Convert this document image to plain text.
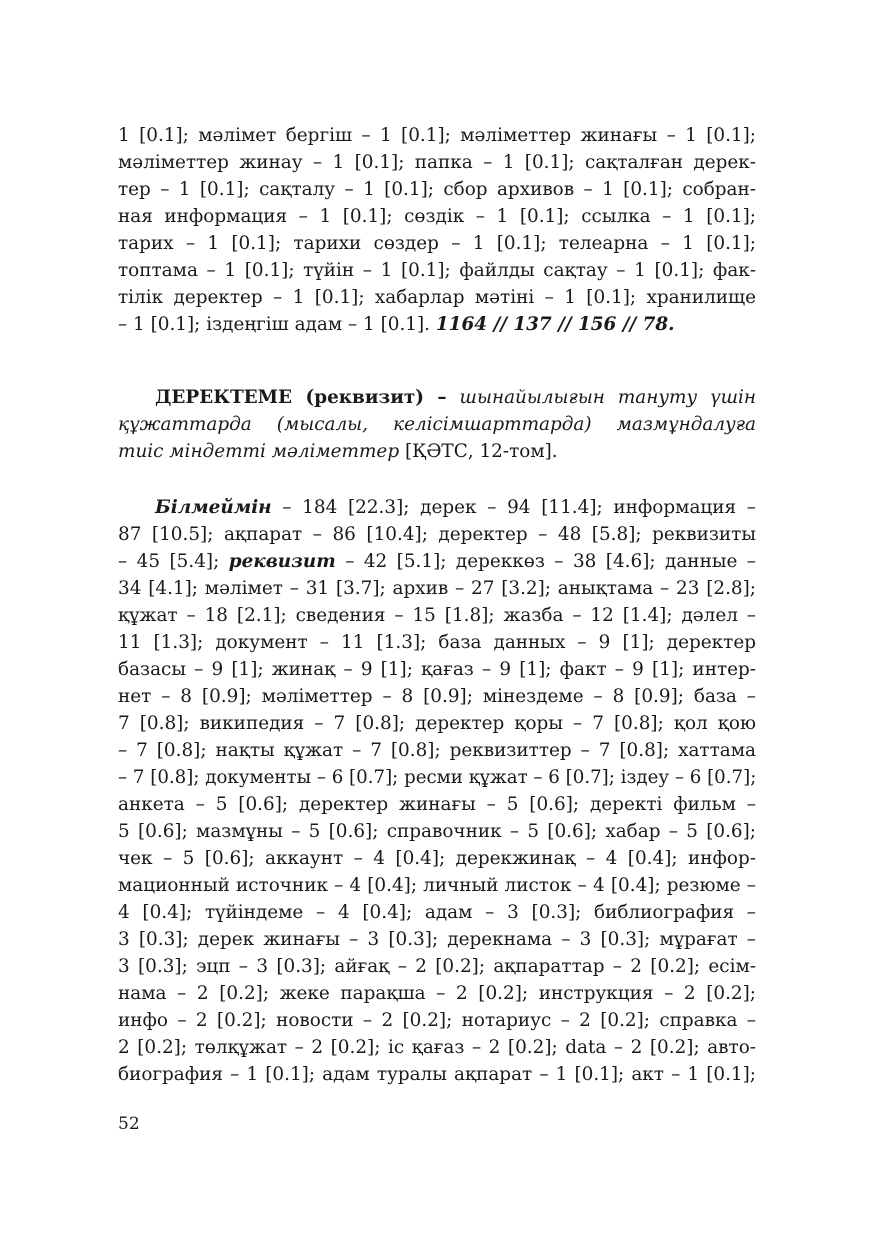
1 [0.1]; мәлімет бергіш – 1 [0.1]; мәліметтер жинағы – 1 [0.1];
мәліметтер жинау – 1 [0.1]; папка – 1 [0.1]; сақталған дерек-
тер – 1 [0.1]; сақталу – 1 [0.1]; сбор архивов – 1 [0.1]; собран-
ная информация – 1 [0.1]; сөздік – 1 [0.1]; ссылка – 1 [0.1];
тарих – 1 [0.1]; тарихи сөздер – 1 [0.1]; телеарна – 1 [0.1];
топтама – 1 [0.1]; түйін – 1 [0.1]; файлды сақтау – 1 [0.1]; фак-
тілік деректер – 1 [0.1]; хабарлар мәтіні – 1 [0.1]; хранилище
– 1 [0.1]; іздеңгіш адам – 1 [0.1]. 1164 // 137 // 156 // 78.
ДЕРЕКТЕМЕ (реквизит) – шынайылығын тануту үшін
құжаттарда (мысалы, келісімшарттарда) мазмұндалуға
тиіс міндетті мәліметтер [ҚӘТС, 12-том].
Білмеймін – 184 [22.3]; дерек – 94 [11.4]; информация –
87 [10.5]; ақпарат – 86 [10.4]; деректер – 48 [5.8]; реквизиты
– 45 [5.4]; реквизит – 42 [5.1]; дереккөз – 38 [4.6]; данные –
34 [4.1]; мәлімет – 31 [3.7]; архив – 27 [3.2]; анықтама – 23 [2.8];
құжат – 18 [2.1]; сведения – 15 [1.8]; жазба – 12 [1.4]; дәлел –
11 [1.3]; документ – 11 [1.3]; база данных – 9 [1]; деректер
базасы – 9 [1]; жинақ – 9 [1]; қағаз – 9 [1]; факт – 9 [1]; интер-
нет – 8 [0.9]; мәліметтер – 8 [0.9]; мінездеме – 8 [0.9]; база –
7 [0.8]; википедия – 7 [0.8]; деректер қоры – 7 [0.8]; қол қою
– 7 [0.8]; нақты құжат – 7 [0.8]; реквизиттер – 7 [0.8]; хаттама
– 7 [0.8]; документы – 6 [0.7]; ресми құжат – 6 [0.7]; іздеу – 6 [0.7];
анкета – 5 [0.6]; деректер жинағы – 5 [0.6]; деректі фильм –
5 [0.6]; мазмұны – 5 [0.6]; справочник – 5 [0.6]; хабар – 5 [0.6];
чек – 5 [0.6]; аккаунт – 4 [0.4]; дерекжинақ – 4 [0.4]; инфор-
мационный источник – 4 [0.4]; личный листок – 4 [0.4]; резюме –
4 [0.4]; түйіндеме – 4 [0.4]; адам – 3 [0.3]; библиография –
3 [0.3]; дерек жинағы – 3 [0.3]; дерекнама – 3 [0.3]; мұрағат –
3 [0.3]; эцп – 3 [0.3]; айғақ – 2 [0.2]; ақпараттар – 2 [0.2]; есім-
нама – 2 [0.2]; жеке парақша – 2 [0.2]; инструкция – 2 [0.2];
инфо – 2 [0.2]; новости – 2 [0.2]; нотариус – 2 [0.2]; справка –
2 [0.2]; төлқұжат – 2 [0.2]; іс қағаз – 2 [0.2]; data – 2 [0.2]; авто-
биография – 1 [0.1]; адам туралы ақпарат – 1 [0.1]; акт – 1 [0.1];
52
